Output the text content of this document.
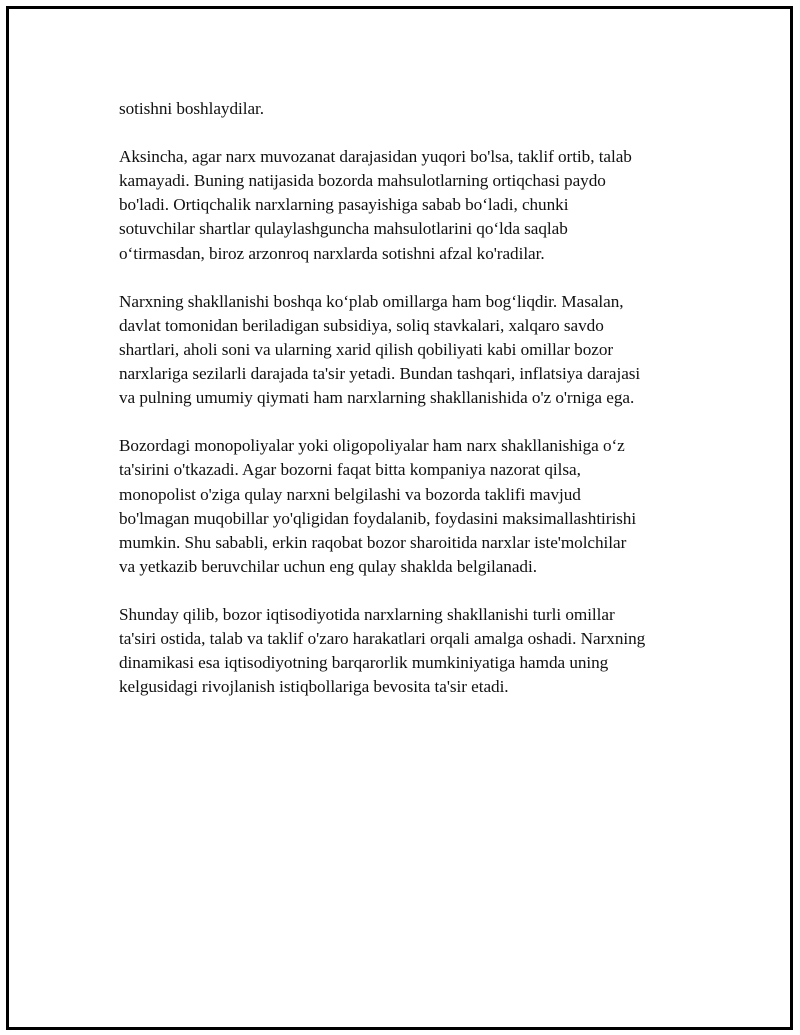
sotishni boshlaydilar.

Aksincha, agar narx muvozanat darajasidan yuqori bo'lsa, taklif ortib, talab
kamayadi. Buning natijasida bozorda mahsulotlarning ortiqchasi paydo
bo'ladi. Ortiqchalik narxlarning pasayishiga sabab bo‘ladi, chunki
sotuvchilar shartlar qulaylashguncha mahsulotlarini qo‘lda saqlab
o‘tirmasdan, biroz arzonroq narxlarda sotishni afzal ko'radilar.

Narxning shakllanishi boshqa ko‘plab omillarga ham bog‘liqdir. Masalan,
davlat tomonidan beriladigan subsidiya, soliq stavkalari, xalqaro savdo
shartlari, aholi soni va ularning xarid qilish qobiliyati kabi omillar bozor
narxlariga sezilarli darajada ta'sir yetadi. Bundan tashqari, inflatsiya darajasi
va pulning umumiy qiymati ham narxlarning shakllanishida o'z o'rniga ega.

Bozordagi monopoliyalar yoki oligopoliyalar ham narx shakllanishiga o‘z
ta'sirini o'tkazadi. Agar bozorni faqat bitta kompaniya nazorat qilsa,
monopolist o'ziga qulay narxni belgilashi va bozorda taklifi mavjud
bo'lmagan muqobillar yo'qligidan foydalanib, foydasini maksimallashtirishi
mumkin. Shu sababli, erkin raqobat bozor sharoitida narxlar iste'molchilar
va yetkazib beruvchilar uchun eng qulay shaklda belgilanadi.

Shunday qilib, bozor iqtisodiyotida narxlarning shakllanishi turli omillar
ta'siri ostida, talab va taklif o'zaro harakatlari orqali amalga oshadi. Narxning
dinamikasi esa iqtisodiyotning barqarorlik mumkiniyatiga hamda uning
kelgusidagi rivojlanish istiqbollariga bevosita ta'sir etadi.
